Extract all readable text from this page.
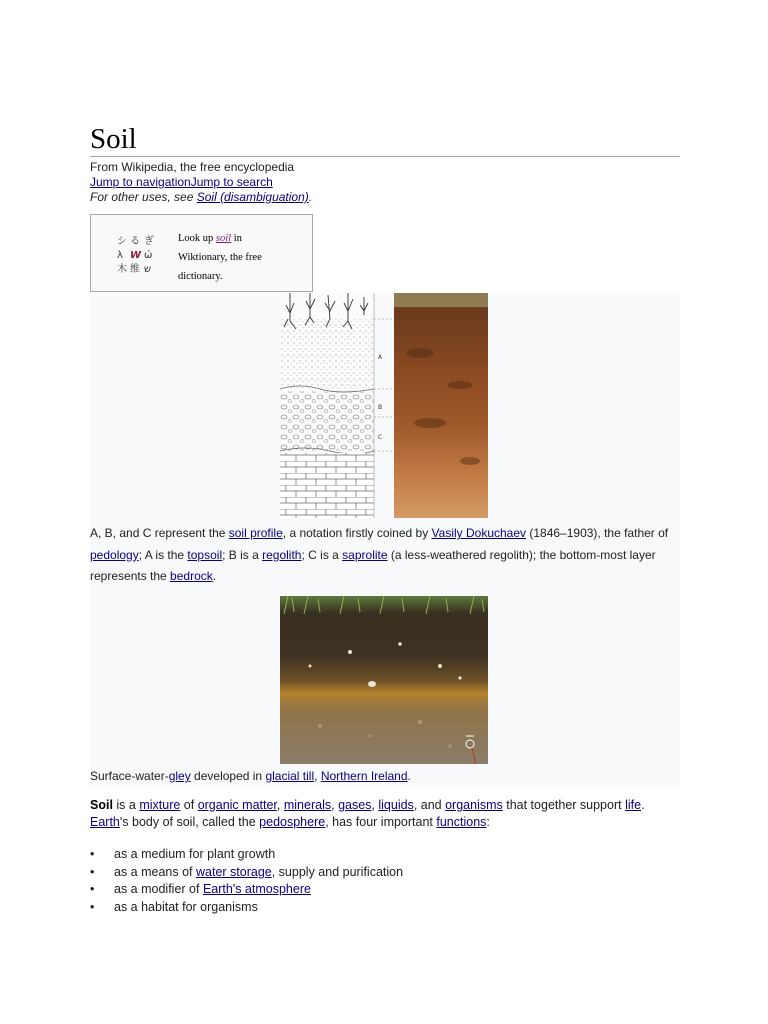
Soil
From Wikipedia, the free encyclopedia
Jump to navigationJump to search
For other uses, see Soil (disambiguation).
シ る ぎ
λ W ώ
木 维 ש
Look up soil in Wiktionary, the free dictionary.
A
B
C
A, B, and C represent the soil profile, a notation firstly coined by Vasily Dokuchaev (1846–1903), the father of pedology; A is the topsoil; B is a regolith; C is a saprolite (a less-weathered regolith); the bottom-most layer represents the bedrock.
Surface-water-gley developed in glacial till, Northern Ireland.
Soil is a mixture of organic matter, minerals, gases, liquids, and organisms that together support life. Earth's body of soil, called the pedosphere, has four important functions:
• as a medium for plant growth
• as a means of water storage, supply and purification
• as a modifier of Earth's atmosphere
• as a habitat for organisms
